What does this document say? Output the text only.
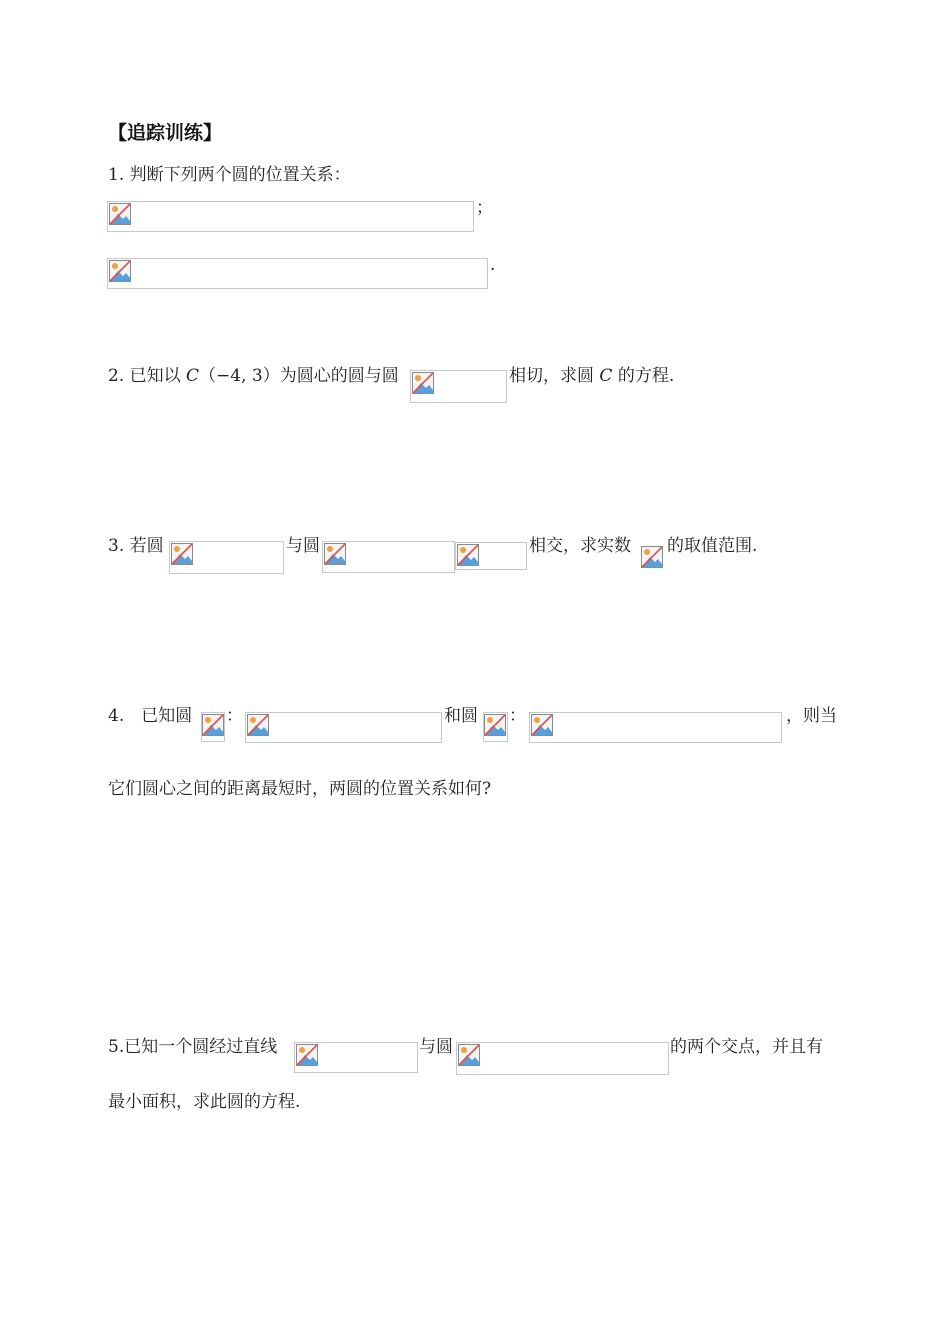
【追踪训练】
1. 判断下列两个圆的位置关系：
；
.
2. 已知以 C（−4, 3）为圆心的圆与圆	相切，求圆 C 的方程.
3. 若圆	与圆	相交，求实数 的取值范围.
4.　已知圆 ：	和圆 ：	，则当
它们圆心之间的距离最短时，两圆的位置关系如何?
5.已知一个圆经过直线	与圆	的两个交点，并且有
最小面积，求此圆的方程.
